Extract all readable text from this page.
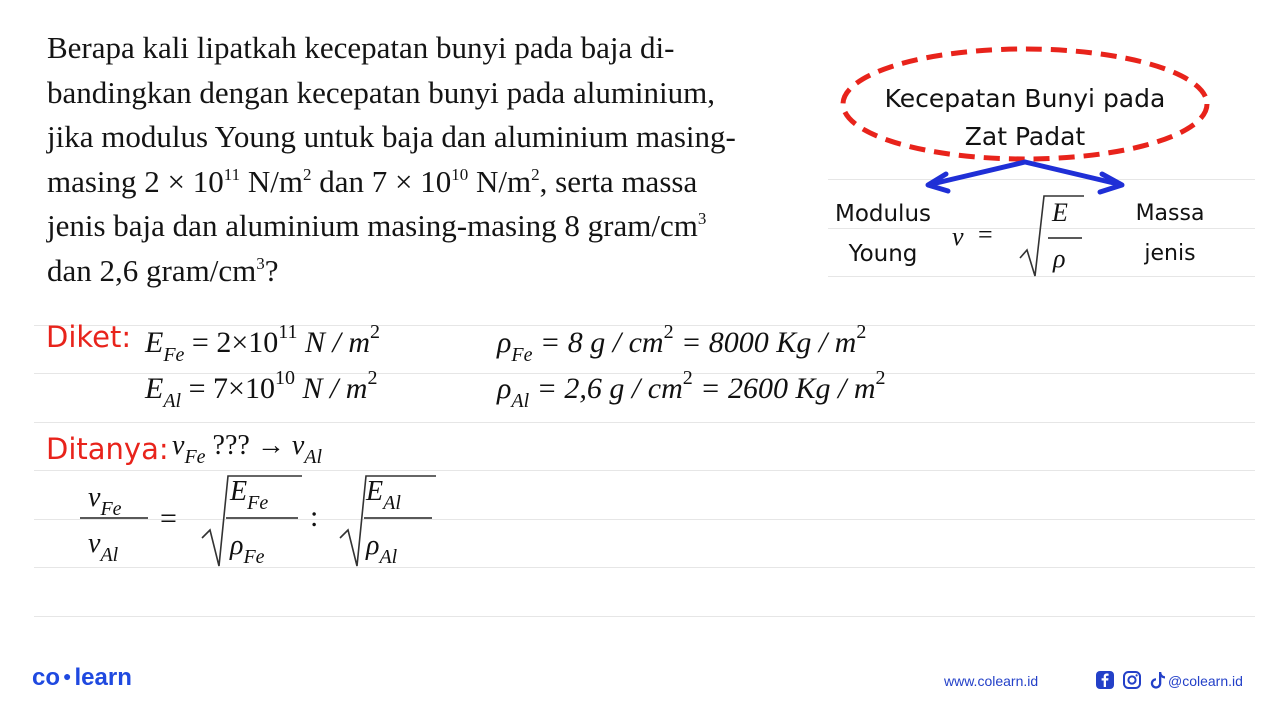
Berapa kali lipatkah kecepatan bunyi pada baja di-
bandingkan dengan kecepatan bunyi pada aluminium,
jika modulus Young untuk baja dan aluminium masing-
masing $2 \times 10^{11}$ $N/m^2$ dan $7 \times 10^{10}$ $N/m^2$, serta massa
jenis baja dan aluminium masing-masing 8 gram/$cm^3$
dan 2,6 gram/$cm^3$?
Kecepatan Bunyi pada
Zat Padat
Modulus
Young
Massa
jenis
v =
E
ρ
Diket: $E_{Fe} = 2\times 10^{11}$ N / $m^2$	$\rho_{Fe} = 8$ $g / cm^2 = 8000$ Kg / $m^2$
$E_{Al} = 7\times 10^{10}$ N / $m^2$	$\rho_{Al} = 2,6$ $g / cm^2 = 2600$ Kg / $m^2$
Ditanya: $v_{Fe}$ ??? → $v_{Al}$
$v_{Fe}$
$v_{Al}$
=
$E_{Fe}$
$\rho_{Fe}$
:
$E_{Al}$
$\rho_{Al}$
co ● learn	www.colearn.id	@colearn.id
